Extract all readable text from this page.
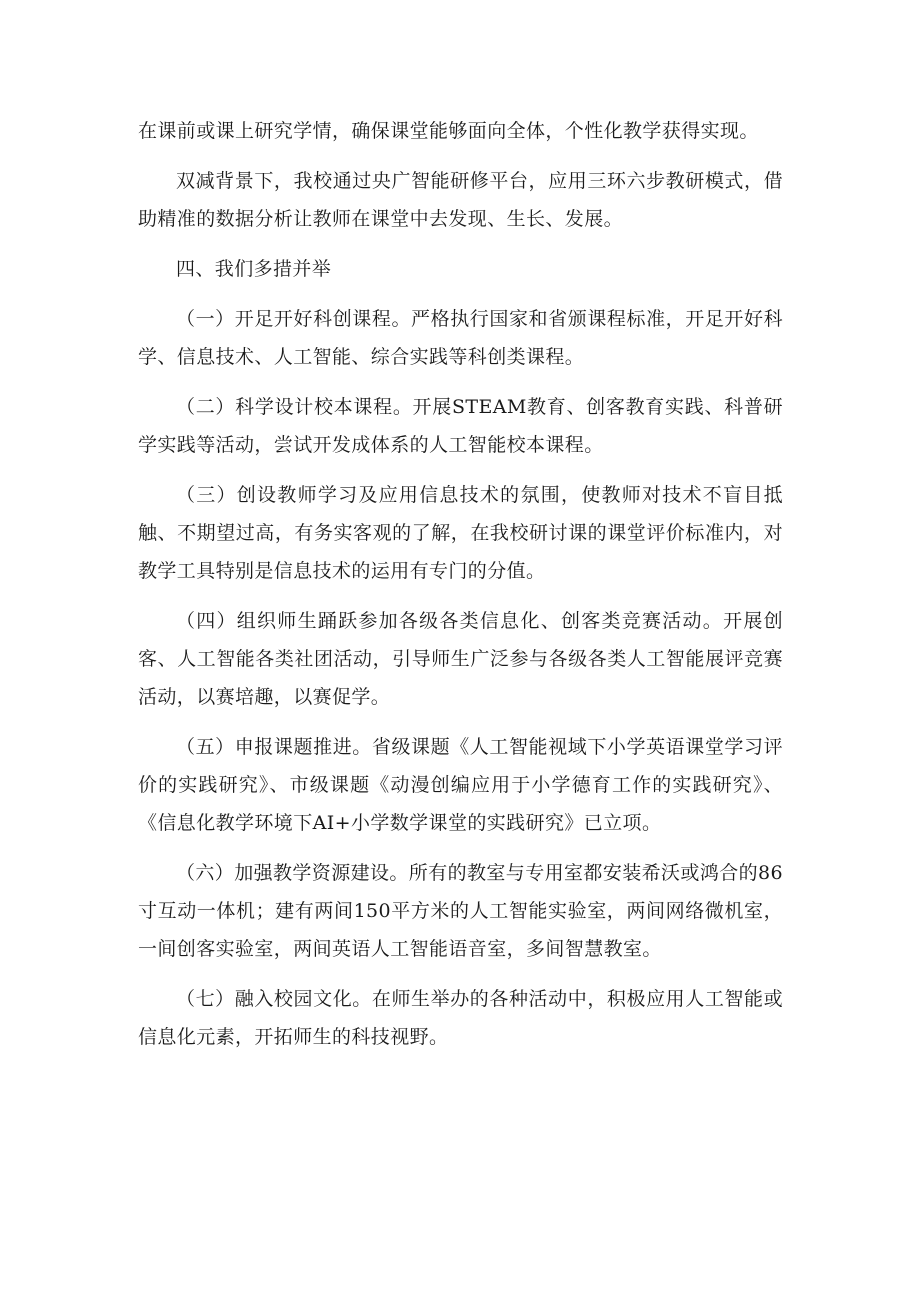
在课前或课上研究学情，确保课堂能够面向全体，个性化教学获得实现。

双减背景下，我校通过央广智能研修平台，应用三环六步教研模式，借助精准的数据分析让教师在课堂中去发现、生长、发展。

四、我们多措并举

（一）开足开好科创课程。严格执行国家和省颁课程标准，开足开好科学、信息技术、人工智能、综合实践等科创类课程。

（二）科学设计校本课程。开展STEAM教育、创客教育实践、科普研学实践等活动，尝试开发成体系的人工智能校本课程。

（三）创设教师学习及应用信息技术的氛围，使教师对技术不盲目抵触、不期望过高，有务实客观的了解，在我校研讨课的课堂评价标准内，对教学工具特别是信息技术的运用有专门的分值。

（四）组织师生踊跃参加各级各类信息化、创客类竞赛活动。开展创客、人工智能各类社团活动，引导师生广泛参与各级各类人工智能展评竞赛活动，以赛培趣，以赛促学。

（五）申报课题推进。省级课题《人工智能视域下小学英语课堂学习评价的实践研究》、市级课题《动漫创编应用于小学德育工作的实践研究》、《信息化教学环境下AI+小学数学课堂的实践研究》已立项。

（六）加强教学资源建设。所有的教室与专用室都安装希沃或鸿合的86寸互动一体机；建有两间150平方米的人工智能实验室，两间网络微机室，一间创客实验室，两间英语人工智能语音室，多间智慧教室。

（七）融入校园文化。在师生举办的各种活动中，积极应用人工智能或信息化元素，开拓师生的科技视野。
